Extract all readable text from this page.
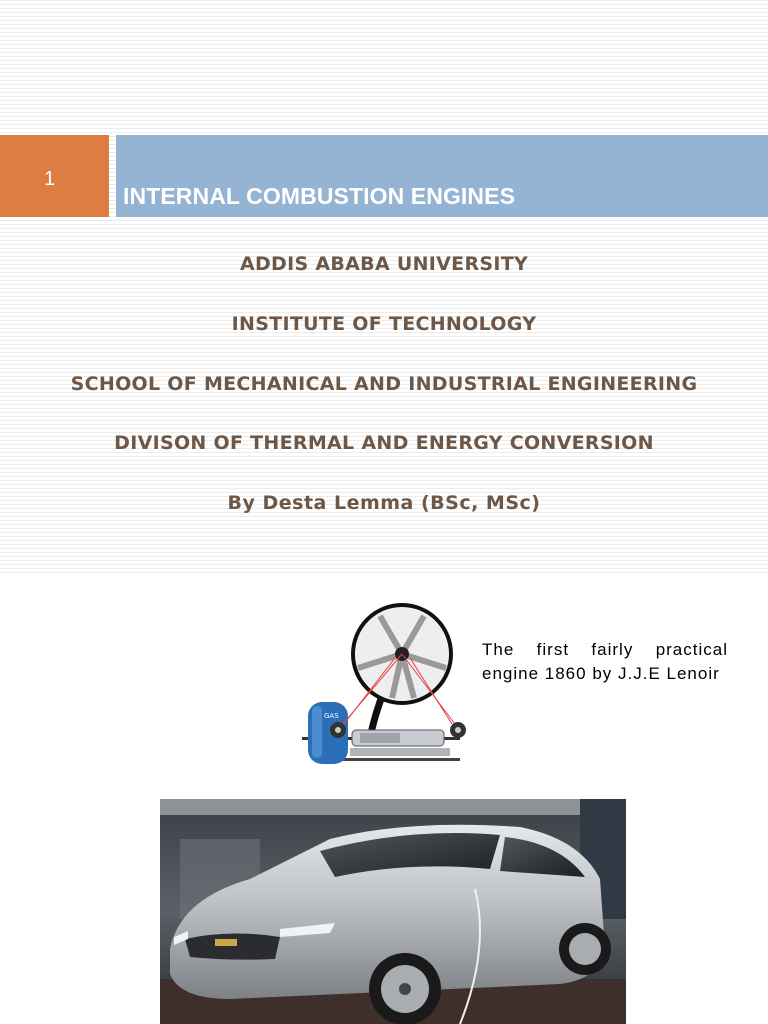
1
INTERNAL COMBUSTION ENGINES
ADDIS ABABA UNIVERSITY
INSTITUTE OF TECHNOLOGY
SCHOOL OF MECHANICAL AND INDUSTRIAL ENGINEERING
DIVISON OF THERMAL AND ENERGY CONVERSION
By Desta Lemma (BSc, MSc)
GAS
The first fairly practical engine 1860 by J.J.E Lenoir
